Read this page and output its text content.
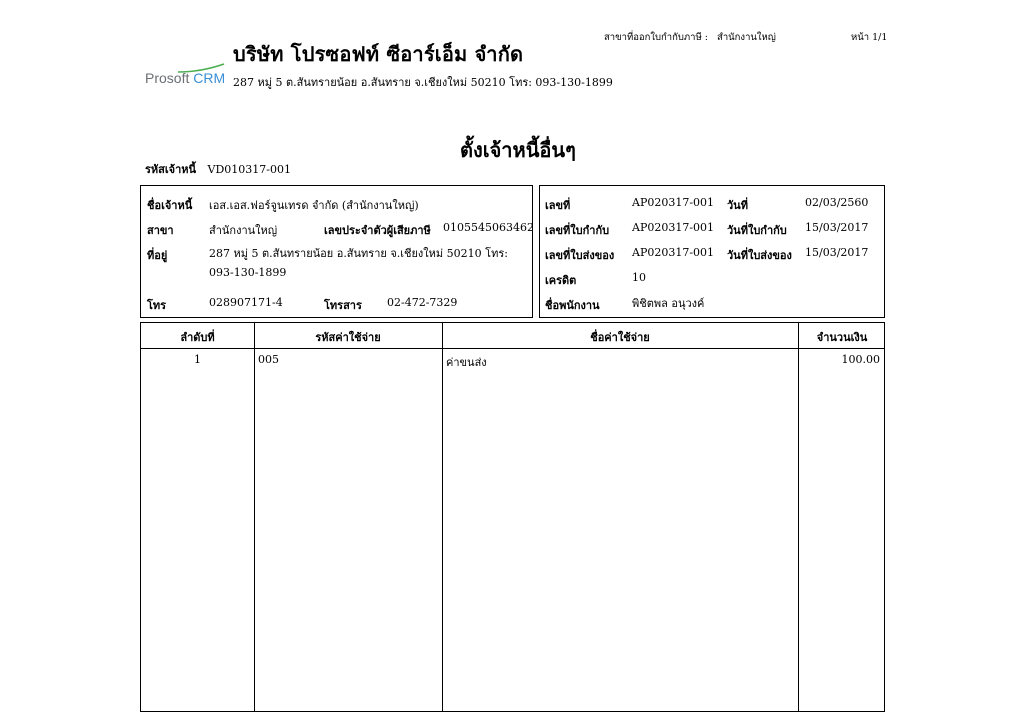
บริษัท โปรซอฟท์ ซีอาร์เอ็ม จำกัด
Prosoft CRM 287 หมู่ 5 ต.สันทรายน้อย อ.สันทราย จ.เชียงใหม่ 50210 โทร: 093-130-1899
สาขาที่ออกใบกำกับภาษี : สำนักงานใหญ่	หน้า 1/1
ตั้งเจ้าหนี้อื่นๆ
รหัสเจ้าหนี้ VD010317-001
ชื่อเจ้าหนี้ เอส.เอส.ฟอร์จูนเทรด จำกัด (สำนักงานใหญ่)
สาขา	สำนักงานใหญ่	เลขประจำตัวผู้เสียภาษี 0105545063462
ที่อยู่	287 หมู่ 5 ต.สันทรายน้อย อ.สันทราย จ.เชียงใหม่ 50210 โทร: 093-130-1899
โทร	028907171-4	โทรสาร 02-472-7329
เลขที่	AP020317-001 วันที่	02/03/2560
เลขที่ใบกำกับ AP020317-001 วันที่ใบกำกับ 15/03/2017
เลขที่ใบส่งของ AP020317-001 วันที่ใบส่งของ 15/03/2017
เครดิต	10
ชื่อพนักงาน	พิชิตพล อนุวงค์
ลำดับที่	รหัสค่าใช้จ่าย	ชื่อค่าใช้จ่าย	จำนวนเงิน
1	005	ค่าขนส่ง	100.00
